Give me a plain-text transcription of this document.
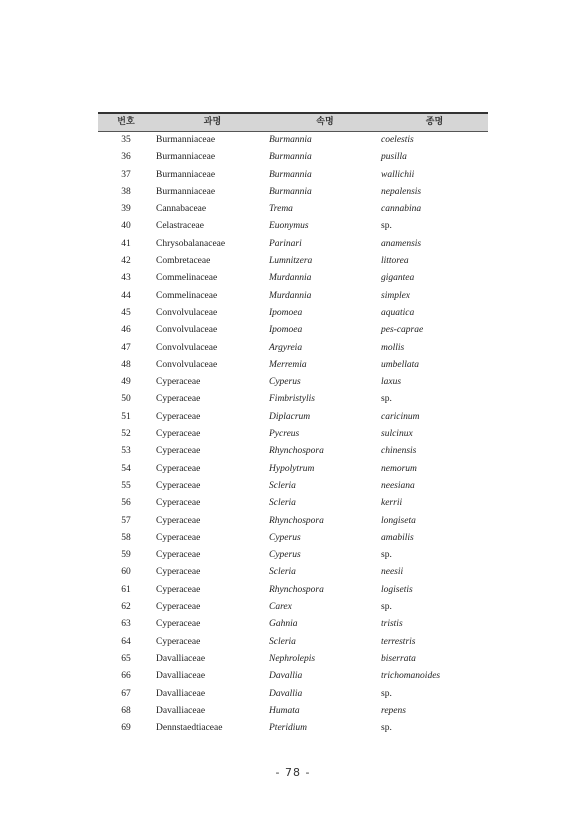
번호	과명	속명	종명
35	Burmanniaceae	Burmannia	coelestis
36	Burmanniaceae	Burmannia	pusilla
37	Burmanniaceae	Burmannia	wallichii
38	Burmanniaceae	Burmannia	nepalensis
39	Cannabaceae	Trema	cannabina
40	Celastraceae	Euonymus	sp.
41	Chrysobalanaceae	Parinari	anamensis
42	Combretaceae	Lumnitzera	littorea
43	Commelinaceae	Murdannia	gigantea
44	Commelinaceae	Murdannia	simplex
45	Convolvulaceae	Ipomoea	aquatica
46	Convolvulaceae	Ipomoea	pes-caprae
47	Convolvulaceae	Argyreia	mollis
48	Convolvulaceae	Merremia	umbellata
49	Cyperaceae	Cyperus	laxus
50	Cyperaceae	Fimbristylis	sp.
51	Cyperaceae	Diplacrum	caricinum
52	Cyperaceae	Pycreus	sulcinux
53	Cyperaceae	Rhynchospora	chinensis
54	Cyperaceae	Hypolytrum	nemorum
55	Cyperaceae	Scleria	neesiana
56	Cyperaceae	Scleria	kerrii
57	Cyperaceae	Rhynchospora	longiseta
58	Cyperaceae	Cyperus	amabilis
59	Cyperaceae	Cyperus	sp.
60	Cyperaceae	Scleria	neesii
61	Cyperaceae	Rhynchospora	logisetis
62	Cyperaceae	Carex	sp.
63	Cyperaceae	Gahnia	tristis
64	Cyperaceae	Scleria	terrestris
65	Davalliaceae	Nephrolepis	biserrata
66	Davalliaceae	Davallia	trichomanoides
67	Davalliaceae	Davallia	sp.
68	Davalliaceae	Humata	repens
69	Dennstaedtiaceae	Pteridium	sp.
- 78 -
